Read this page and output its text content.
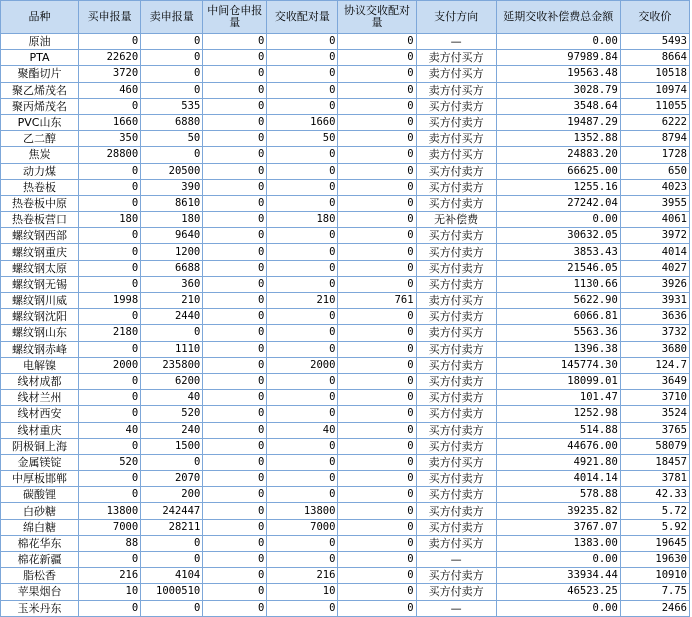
品种	买申报量	卖申报量	中间仓申报量	交收配对量	协议交收配对量	支付方向	延期交收补偿费总金额	交收价
原油	0	0	0	0	0	—	0.00	5493
PTA	22620	0	0	0	0	卖方付买方	97989.84	8664
聚酯切片	3720	0	0	0	0	卖方付买方	19563.48	10518
聚乙烯茂名	460	0	0	0	0	卖方付买方	3028.79	10974
聚丙烯茂名	0	535	0	0	0	买方付卖方	3548.64	11055
PVC山东	1660	6880	0	1660	0	买方付卖方	19487.29	6222
乙二醇	350	50	0	50	0	卖方付买方	1352.88	8794
焦炭	28800	0	0	0	0	卖方付买方	24883.20	1728
动力煤	0	20500	0	0	0	买方付卖方	66625.00	650
热卷板	0	390	0	0	0	买方付卖方	1255.16	4023
热卷板中原	0	8610	0	0	0	买方付卖方	27242.04	3955
热卷板营口	180	180	0	180	0	无补偿费	0.00	4061
螺纹钢西部	0	9640	0	0	0	买方付卖方	30632.05	3972
螺纹钢重庆	0	1200	0	0	0	买方付卖方	3853.43	4014
螺纹钢太原	0	6688	0	0	0	买方付卖方	21546.05	4027
螺纹钢无锡	0	360	0	0	0	买方付卖方	1130.66	3926
螺纹钢川威	1998	210	0	210	761	卖方付买方	5622.90	3931
螺纹钢沈阳	0	2440	0	0	0	买方付卖方	6066.81	3636
螺纹钢山东	2180	0	0	0	0	卖方付买方	5563.36	3732
螺纹钢赤峰	0	1110	0	0	0	买方付卖方	1396.38	3680
电解镍	2000	235800	0	2000	0	买方付卖方	145774.30	124.7
线材成都	0	6200	0	0	0	买方付卖方	18099.01	3649
线材兰州	0	40	0	0	0	买方付卖方	101.47	3710
线材西安	0	520	0	0	0	买方付卖方	1252.98	3524
线材重庆	40	240	0	40	0	买方付卖方	514.88	3765
阴极铜上海	0	1500	0	0	0	买方付卖方	44676.00	58079
金属镁锭	520	0	0	0	0	卖方付买方	4921.80	18457
中厚板邯郸	0	2070	0	0	0	买方付卖方	4014.14	3781
碳酸锂	0	200	0	0	0	买方付卖方	578.88	42.33
白砂糖	13800	242447	0	13800	0	买方付卖方	39235.82	5.72
绵白糖	7000	28211	0	7000	0	买方付卖方	3767.07	5.92
棉花华东	88	0	0	0	0	卖方付买方	1383.00	19645
棉花新疆	0	0	0	0	0	—	0.00	19630
脂松香	216	4104	0	216	0	买方付卖方	33934.44	10910
苹果烟台	10	1000510	0	10	0	买方付卖方	46523.25	7.75
玉米丹东	0	0	0	0	0	—	0.00	2466
